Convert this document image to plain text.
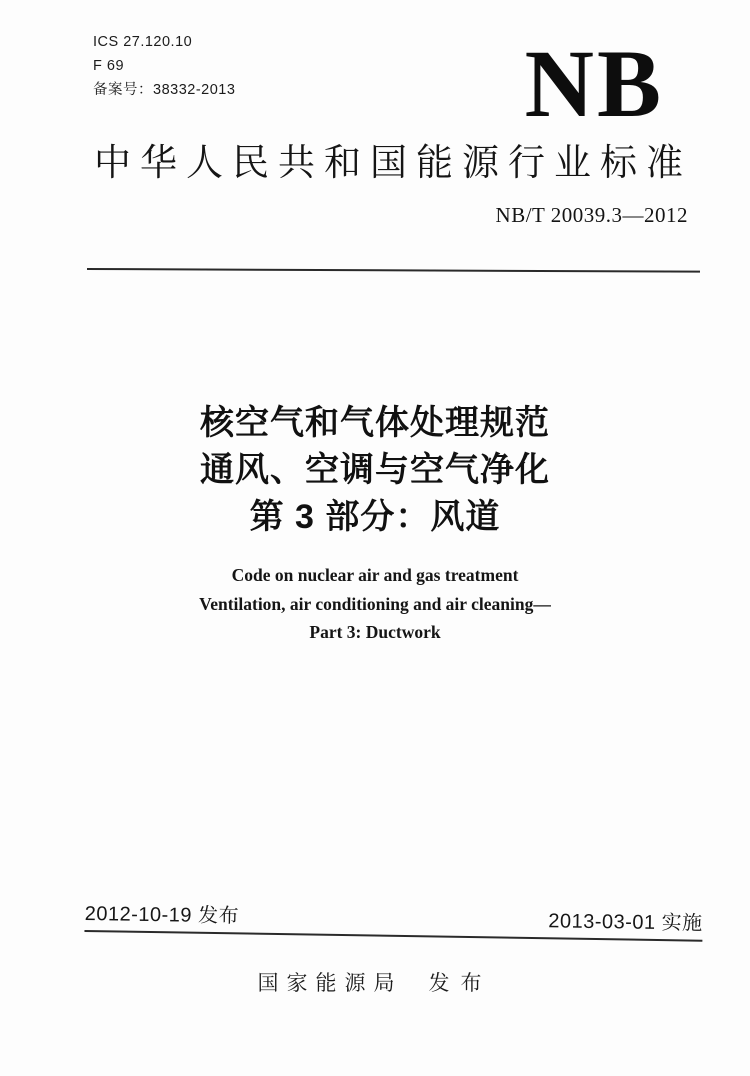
ICS 27.120.10
F 69
备案号：38332-2013	NB
中华人民共和国能源行业标准
NB/T 20039.3—2012
核空气和气体处理规范
通风、空调与空气净化
第 3 部分：风道
Code on nuclear air and gas treatment
Ventilation, air conditioning and air cleaning—
Part 3: Ductwork
2012-10-19 发布	2013-03-01 实施
国家能源局 发布
